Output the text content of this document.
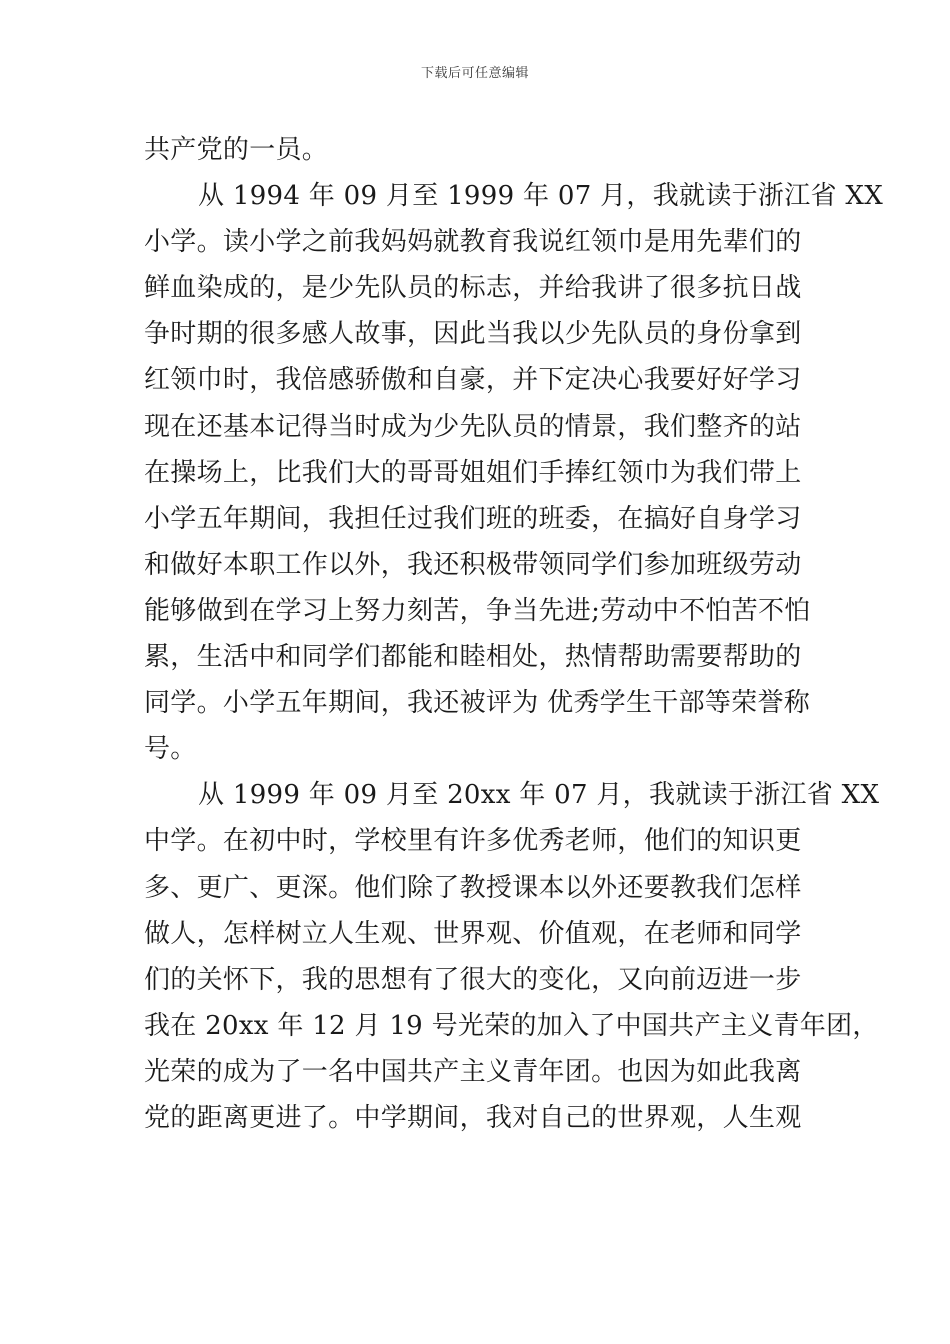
下载后可任意编辑
共产党的一员。
从 1994 年 09 月至 1999 年 07 月，我就读于浙江省 XX
小学。读小学之前我妈妈就教育我说红领巾是用先辈们的
鲜血染成的，是少先队员的标志，并给我讲了很多抗日战
争时期的很多感人故事，因此当我以少先队员的身份拿到
红领巾时，我倍感骄傲和自豪，并下定决心我要好好学习
现在还基本记得当时成为少先队员的情景，我们整齐的站
在操场上，比我们大的哥哥姐姐们手捧红领巾为我们带上
小学五年期间，我担任过我们班的班委，在搞好自身学习
和做好本职工作以外，我还积极带领同学们参加班级劳动
能够做到在学习上努力刻苦，争当先进;劳动中不怕苦不怕
累，生活中和同学们都能和睦相处，热情帮助需要帮助的
同学。小学五年期间，我还被评为 优秀学生干部等荣誉称
号。
从 1999 年 09 月至 20xx 年 07 月，我就读于浙江省 XX
中学。在初中时，学校里有许多优秀老师，他们的知识更
多、更广、更深。他们除了教授课本以外还要教我们怎样
做人，怎样树立人生观、世界观、价值观，在老师和同学
们的关怀下，我的思想有了很大的变化，又向前迈进一步
我在 20xx 年 12 月 19 号光荣的加入了中国共产主义青年团，
光荣的成为了一名中国共产主义青年团。也因为如此我离
党的距离更进了。中学期间，我对自己的世界观，人生观
